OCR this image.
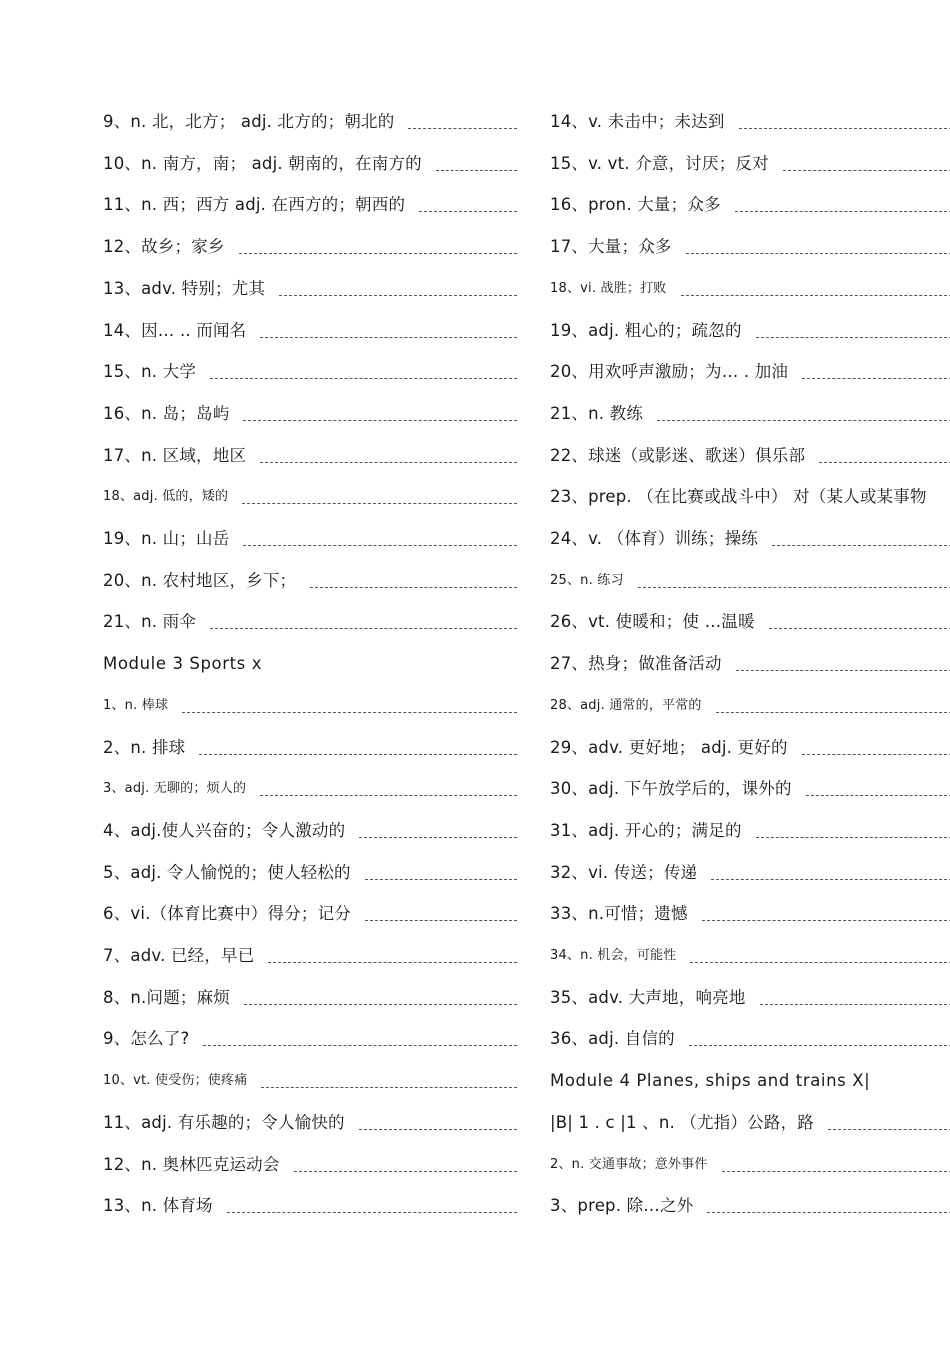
9、n. 北，北方； adj. 北方的；朝北的
10、n. 南方，南； adj. 朝南的，在南方的
11、n. 西；西方 adj. 在西方的；朝西的
12、故乡；家乡
13、adv. 特别；尤其
14、因… .. 而闻名
15、n. 大学
16、n. 岛；岛屿
17、n. 区域，地区
18、adj. 低的，矮的
19、n. 山；山岳
20、n. 农村地区，乡下；
21、n. 雨伞
Module 3 Sports x
1、n. 棒球
2、n. 排球
3、adj. 无聊的；烦人的
4、adj.使人兴奋的；令人激动的
5、adj. 令人愉悦的；使人轻松的
6、vi.（体育比赛中）得分；记分
7、adv. 已经，早已
8、n.问题；麻烦
9、怎么了?
10、vt. 使受伤；使疼痛
11、adj. 有乐趣的；令人愉快的
12、n. 奥林匹克运动会
13、n. 体育场
14、v. 未击中；未达到
15、v. vt. 介意，讨厌；反对
16、pron. 大量；众多
17、大量；众多
18、vi. 战胜；打败
19、adj. 粗心的；疏忽的
20、用欢呼声激励；为… . 加油
21、n. 教练
22、球迷（或影迷、歌迷）俱乐部
23、prep. （在比赛或战斗中） 对（某人或某事物
24、v. （体育）训练；操练
25、n. 练习
26、vt. 使暖和；使 …温暖
27、热身；做准备活动
28、adj. 通常的，平常的
29、adv. 更好地； adj. 更好的
30、adj. 下午放学后的，课外的
31、adj. 开心的；满足的
32、vi. 传送；传递
33、n.可惜；遗憾
34、n. 机会，可能性
35、adv. 大声地，响亮地
36、adj. 自信的
Module 4 Planes, ships and trains X|
|B| 1 . c |1 、n. （尤指）公路，路
2、n. 交通事故；意外事件
3、prep. 除…之外
